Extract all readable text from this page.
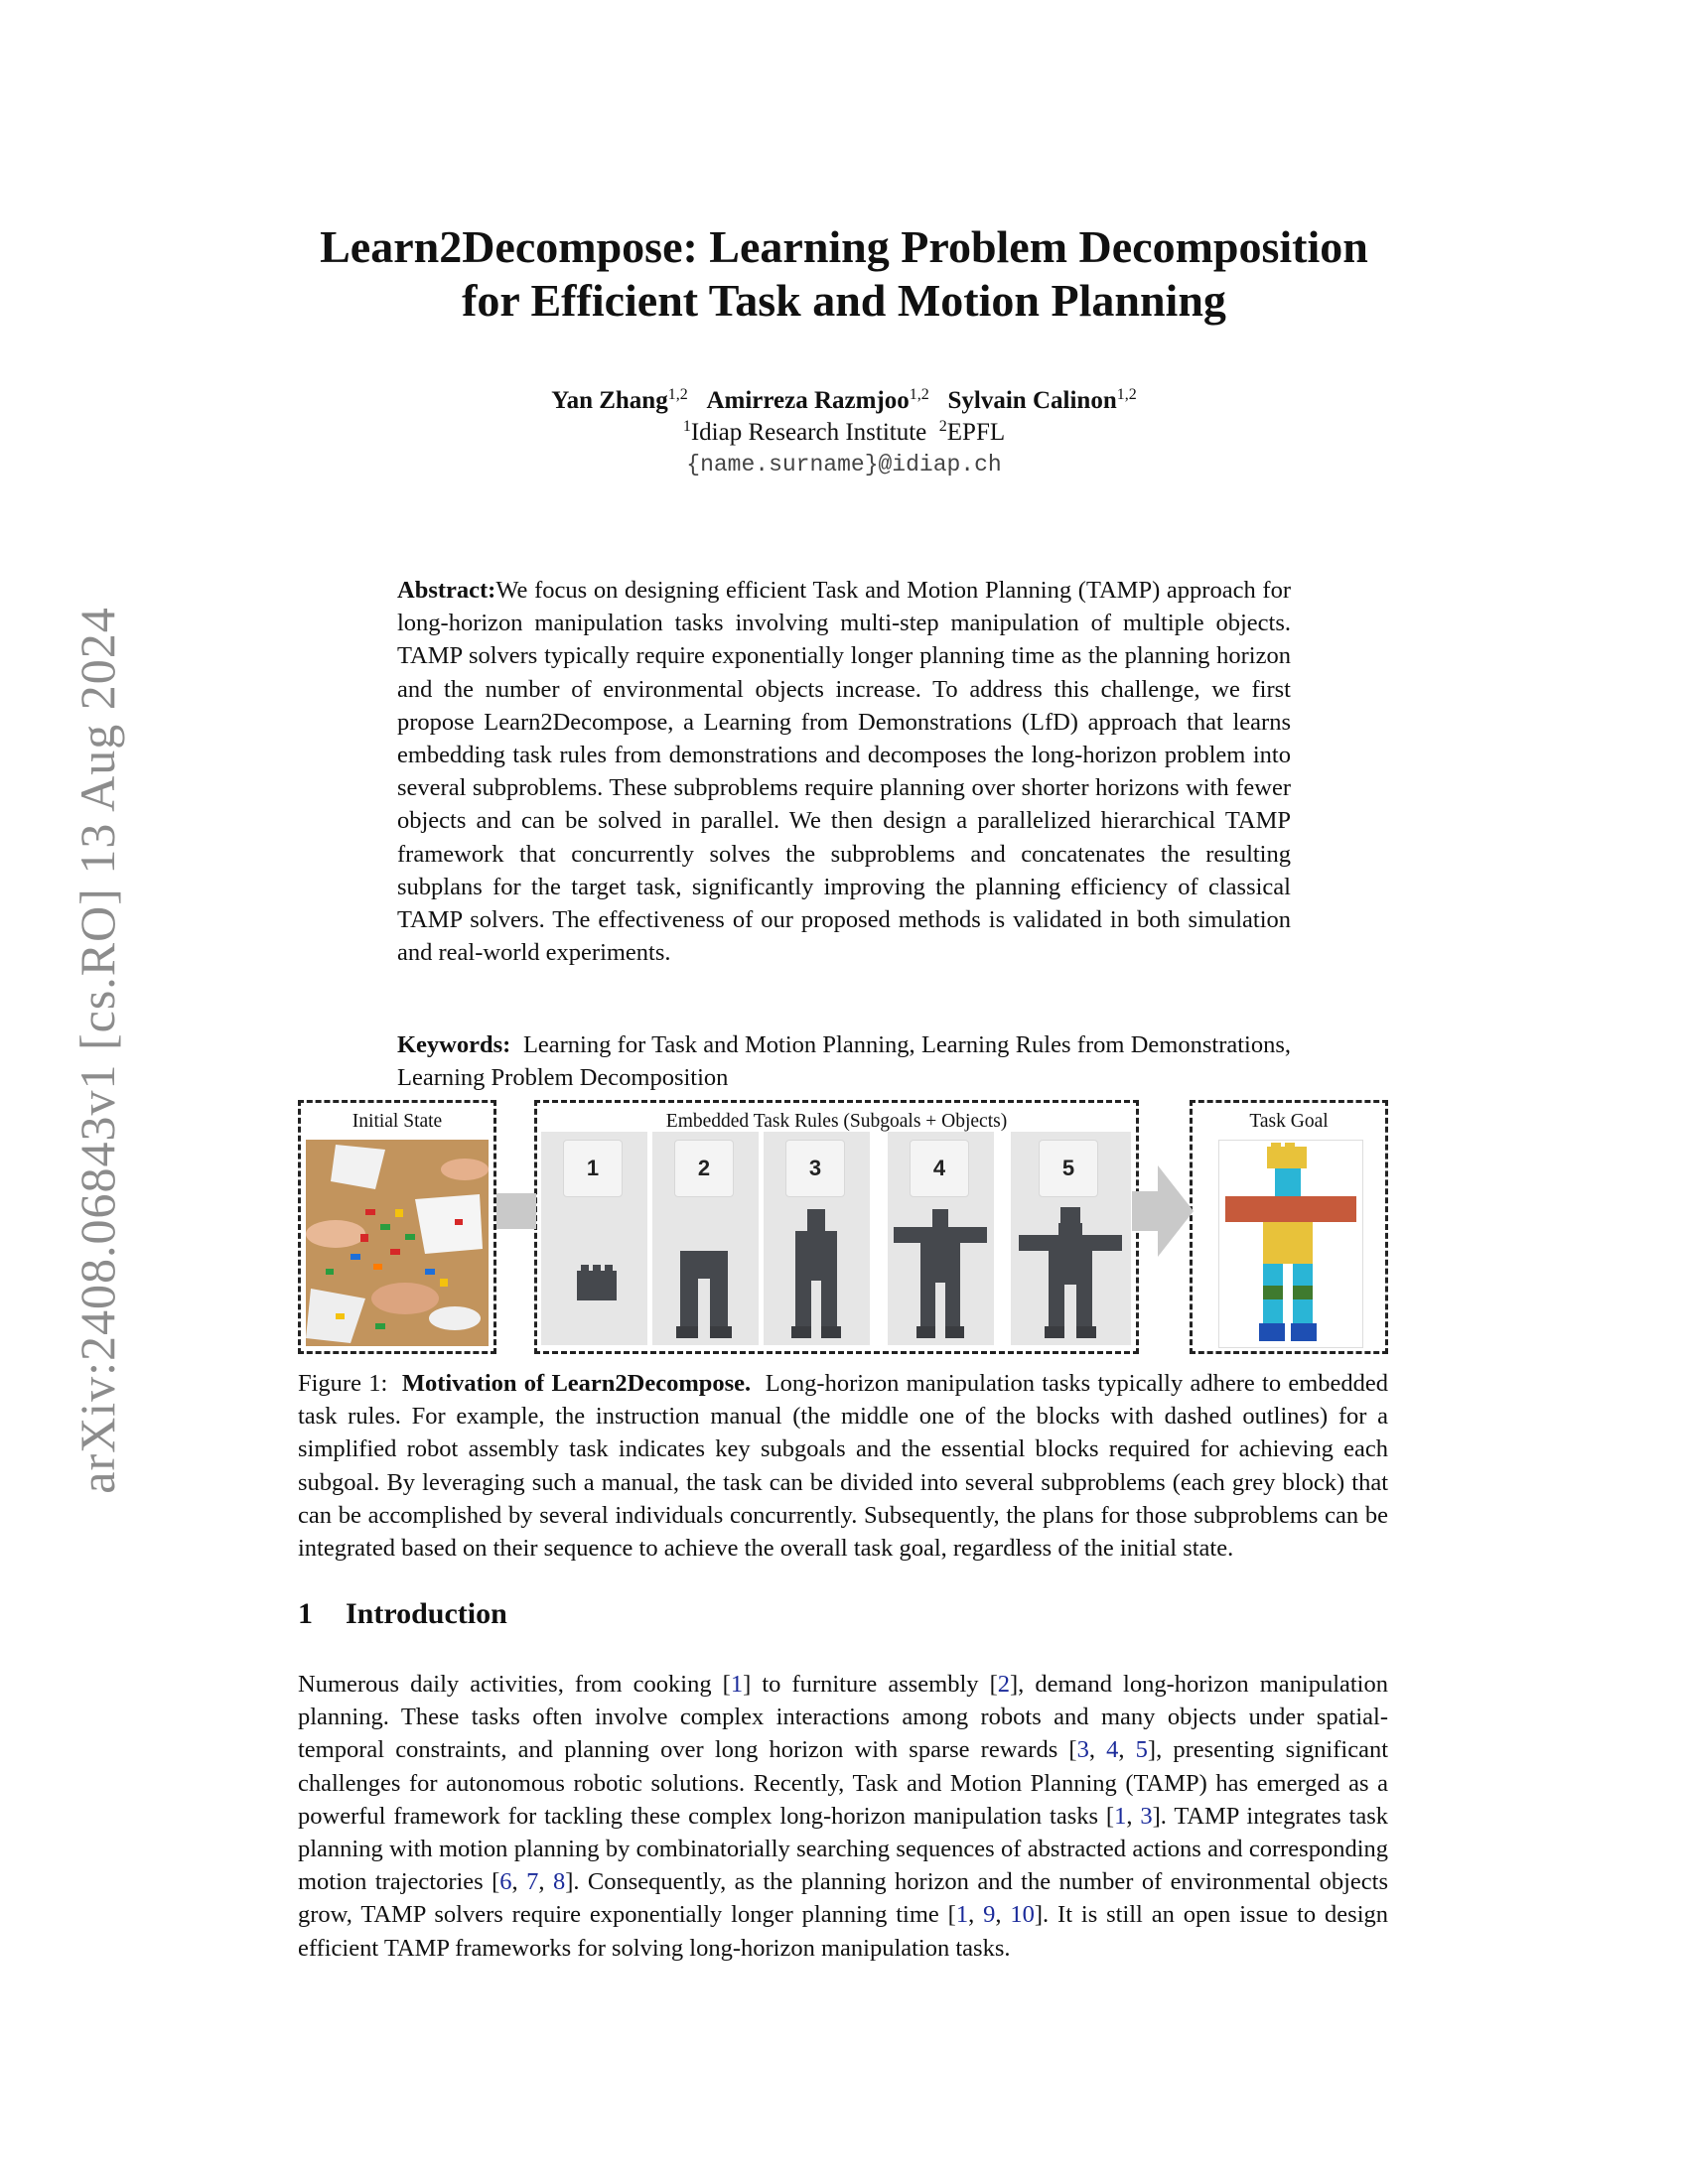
arXiv:2408.06843v1 [cs.RO] 13 Aug 2024
Learn2Decompose: Learning Problem Decomposition
for Efficient Task and Motion Planning
Yan Zhang$^{1,2}$ Amirreza Razmjoo$^{1,2}$ Sylvain Calinon$^{1,2}$
$^1$Idiap Research Institute $^2$EPFL
{name.surname}@idiap.ch
Abstract:We focus on designing efficient Task and Motion Planning (TAMP) approach for long-horizon manipulation tasks involving multi-step manipulation of multiple objects. TAMP solvers typically require exponentially longer planning time as the planning horizon and the number of environmental objects increase. To address this challenge, we first propose Learn2Decompose, a Learning from Demonstrations (LfD) approach that learns embedding task rules from demonstrations and decomposes the long-horizon problem into several subproblems. These subproblems require planning over shorter horizons with fewer objects and can be solved in parallel. We then design a parallelized hierarchical TAMP framework that concurrently solves the subproblems and concatenates the resulting subplans for the target task, significantly improving the planning efficiency of classical TAMP solvers. The effectiveness of our proposed methods is validated in both simulation and real-world experiments.
Keywords: Learning for Task and Motion Planning, Learning Rules from Demonstrations, Learning Problem Decomposition
Initial State	Embedded Task Rules (Subgoals + Objects)	Task Goal
1	2	3	4	5
Figure 1: Motivation of Learn2Decompose. Long-horizon manipulation tasks typically adhere to embedded task rules. For example, the instruction manual (the middle one of the blocks with dashed outlines) for a simplified robot assembly task indicates key subgoals and the essential blocks required for achieving each subgoal. By leveraging such a manual, the task can be divided into several subproblems (each grey block) that can be accomplished by several individuals concurrently. Subsequently, the plans for those subproblems can be integrated based on their sequence to achieve the overall task goal, regardless of the initial state.
1 Introduction
Numerous daily activities, from cooking [1] to furniture assembly [2], demand long-horizon manipulation planning. These tasks often involve complex interactions among robots and many objects under spatial-temporal constraints, and planning over long horizon with sparse rewards [3, 4, 5], presenting significant challenges for autonomous robotic solutions. Recently, Task and Motion Planning (TAMP) has emerged as a powerful framework for tackling these complex long-horizon manipulation tasks [1, 3]. TAMP integrates task planning with motion planning by combinatorially searching sequences of abstracted actions and corresponding motion trajectories [6, 7, 8]. Consequently, as the planning horizon and the number of environmental objects grow, TAMP solvers require exponentially longer planning time [1, 9, 10]. It is still an open issue to design efficient TAMP frameworks for solving long-horizon manipulation tasks.
